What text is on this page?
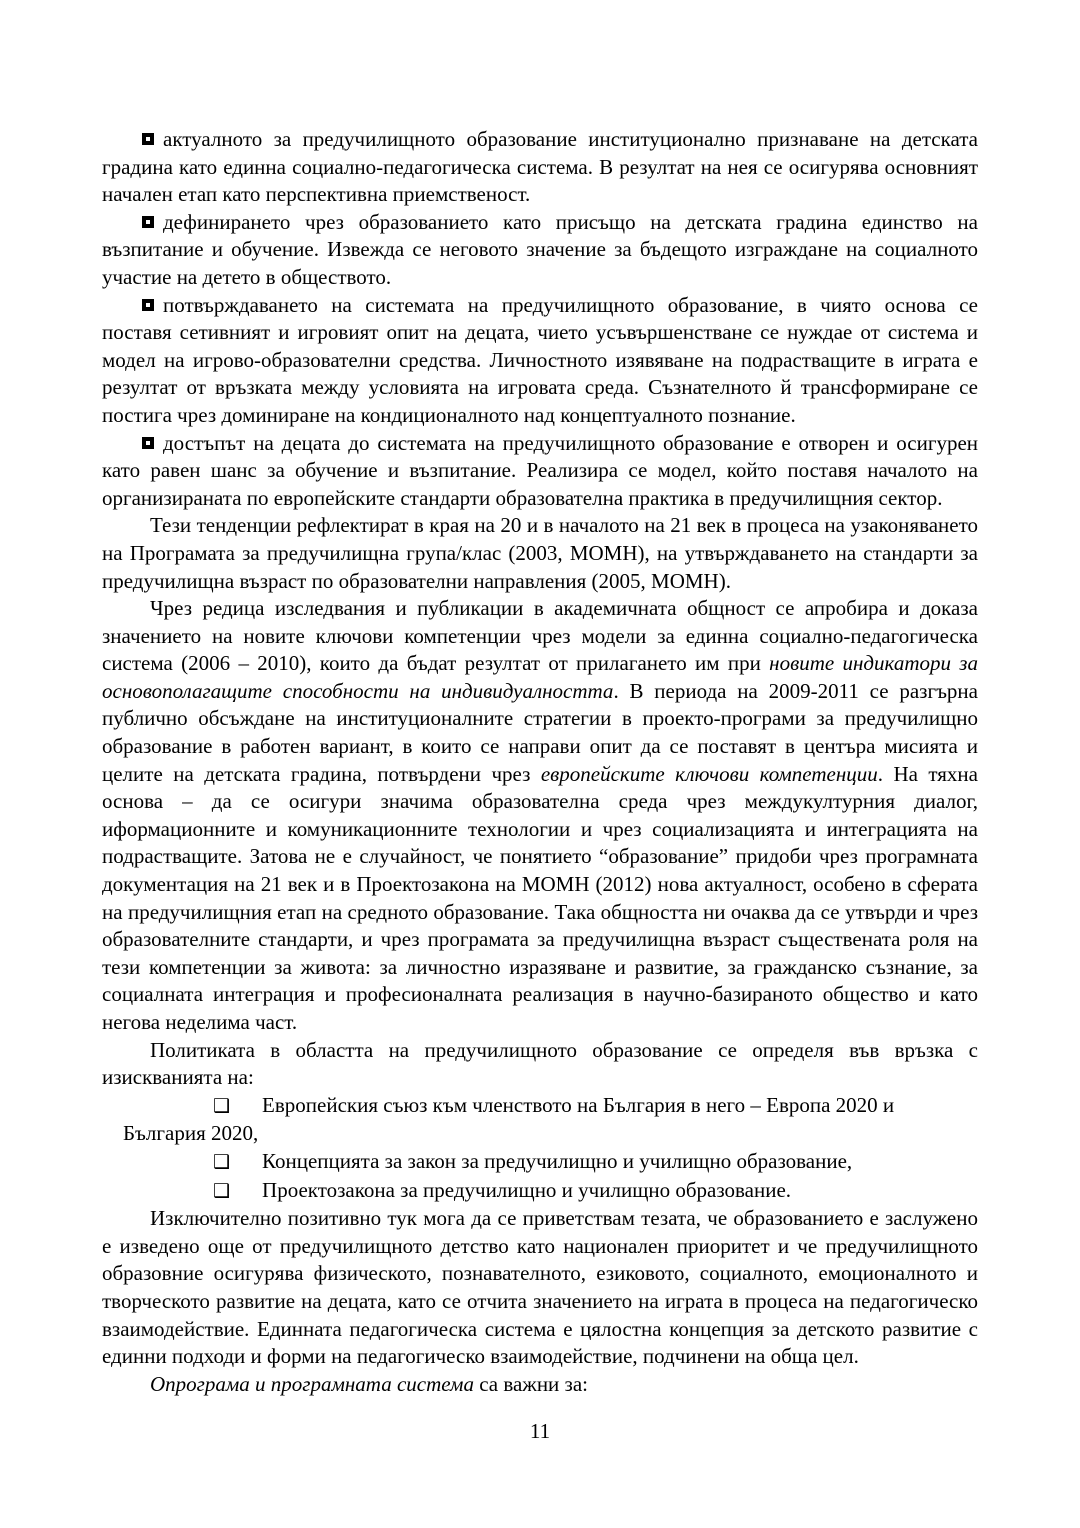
актуалното за предучилищното образование институционално признаване на детската градина като единна социално-педагогическа система. В резултат на нея се осигурява основният начален етап като перспективна приемственост.

дефинирането чрез образованието като присъщо на детската градина единство на възпитание и обучение. Извежда се неговото значение за бъдещото изграждане на социалното участие на детето в обществото.

потвърждаването на системата на предучилищното образование, в чиято основа се поставя сетивният и игровият опит на децата, чието усъвършенстване се нуждае от система и модел на игрово-образователни средства. Личностното изявяване на подрастващите в играта е резултат от връзката между условията на игровата среда. Съзнателното й трансформиране се постига чрез доминиране на кондиционалното над концептуалното познание.

достъпът на децата до системата на предучилищното образование е отворен и осигурен като равен шанс за обучение и възпитание. Реализира се модел, който поставя началото на организираната по европейските стандарти образователна практика в предучилищния сектор.

Тези тенденции рефлектират в края на 20 и в началото на 21 век в процеса на узаконяването на Програмата за предучилищна група/клас (2003, МОМН), на утвърждаването на стандарти за предучилищна възраст по образователни направления (2005, МОМН).

Чрез редица изследвания и публикации в академичната общност се апробира и доказа значението на новите ключови компетенции чрез модели за единна социално-педагогическа система (2006 – 2010), които да бъдат резултат от прилагането им при новите индикатори за основополагащите способности на индивидуалността. В периода на 2009-2011 се разгърна публично обсъждане на институционалните стратегии в проекто-програми за предучилищно образование в работен вариант, в които се направи опит да се поставят в центъра мисията и целите на детската градина, потвърдени чрез европейските ключови компетенции. На тяхна основа – да се осигури значима образователна среда чрез междукултурния диалог, иформационните и комуникационните технологии и чрез социализацията и интеграцията на подрастващите. Затова не е случайност, че понятието “образование” придоби чрез програмната документация на 21 век и в Проектозакона на МОМН (2012) нова актуалност, особено в сферата на предучилищния етап на средното образование. Така общността ни очаква да се утвърди и чрез образователните стандарти, и чрез програмата за предучилищна възраст съществената роля на тези компетенции за живота: за личностно изразяване и развитие, за гражданско съзнание, за социалната интеграция и професионалната реализация в научно-базираното общество и като негова неделима част.

Политиката в областта на предучилищното образование се определя във връзка с изискванията на:

❑ Европейския съюз към членството на България в него – Европа 2020 и
България 2020,
❑ Концепцията за закон за предучилищно и училищно образование,
❑ Проектозакона за предучилищно и училищно образование.

Изключително позитивно тук мога да се приветствам тезата, че образованието е заслужено е изведено още от предучилищното детство като национален приоритет и че предучилищното образовние осигурява физическото, познавателното, езиковото, социалното, емоционалното и творческото развитие на децата, като се отчита значението на играта в процеса на педагогическо взаимодействие. Единната педагогическа система е цялостна концепция за детското развитие с единни подходи и форми на педагогическо взаимодействие, подчинени на обща цел.

Опрограма и програмната система са важни за:

11
